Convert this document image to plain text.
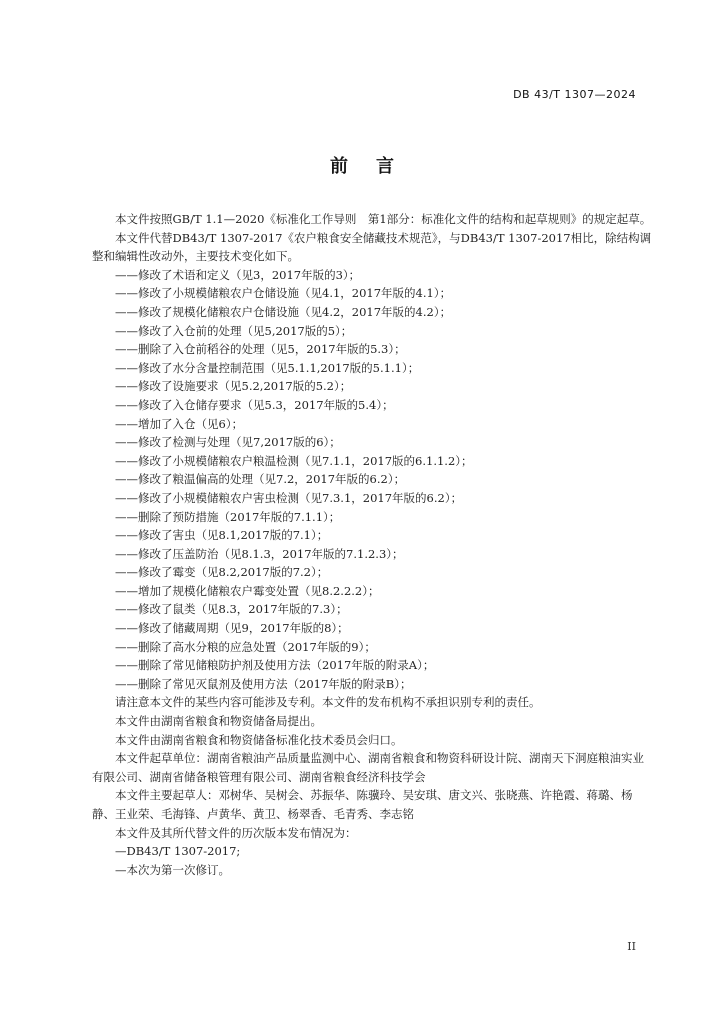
DB 43/T 1307—2024
前言

本文件按照GB/T 1.1—2020《标准化工作导则　第1部分：标准化文件的结构和起草规则》的规定起草。

本文件代替DB43/T 1307-2017《农户粮食安全储藏技术规范》，与DB43/T 1307-2017相比，除结构调整和编辑性改动外，主要技术变化如下。

——修改了术语和定义（见3，2017年版的3）；

——修改了小规模储粮农户仓储设施（见4.1，2017年版的4.1）；

——修改了规模化储粮农户仓储设施（见4.2，2017年版的4.2）；

——修改了入仓前的处理（见5,2017版的5）；

——删除了入仓前稻谷的处理（见5，2017年版的5.3）；

——修改了水分含量控制范围（见5.1.1,2017版的5.1.1）；

——修改了设施要求（见5.2,2017版的5.2）；

——修改了入仓储存要求（见5.3，2017年版的5.4）；

——增加了入仓（见6）；

——修改了检测与处理（见7,2017版的6）；

——修改了小规模储粮农户粮温检测（见7.1.1，2017版的6.1.1.2）；

——修改了粮温偏高的处理（见7.2，2017年版的6.2）；

——修改了小规模储粮农户害虫检测（见7.3.1，2017年版的6.2）；

——删除了预防措施（2017年版的7.1.1）；

——修改了害虫（见8.1,2017版的7.1）；

——修改了压盖防治（见8.1.3，2017年版的7.1.2.3）；

——修改了霉变（见8.2,2017版的7.2）；

——增加了规模化储粮农户霉变处置（见8.2.2.2）；

——修改了鼠类（见8.3，2017年版的7.3）；

——修改了储藏周期（见9，2017年版的8）；

——删除了高水分粮的应急处置（2017年版的9）；

——删除了常见储粮防护剂及使用方法（2017年版的附录A）；

——删除了常见灭鼠剂及使用方法（2017年版的附录B）；

请注意本文件的某些内容可能涉及专利。本文件的发布机构不承担识别专利的责任。

本文件由湖南省粮食和物资储备局提出。

本文件由湖南省粮食和物资储备标准化技术委员会归口。

本文件起草单位：湖南省粮油产品质量监测中心、湖南省粮食和物资科研设计院、湖南天下洞庭粮油实业有限公司、湖南省储备粮管理有限公司、湖南省粮食经济科技学会

本文件主要起草人：邓树华、吴树会、苏振华、陈骥玲、吴安琪、唐文兴、张晓燕、许艳霞、蒋璐、杨静、王业荣、毛海锋、卢黄华、黄卫、杨翠香、毛青秀、李志铭

本文件及其所代替文件的历次版本发布情况为：

—DB43/T 1307-2017;

—本次为第一次修订。

II
